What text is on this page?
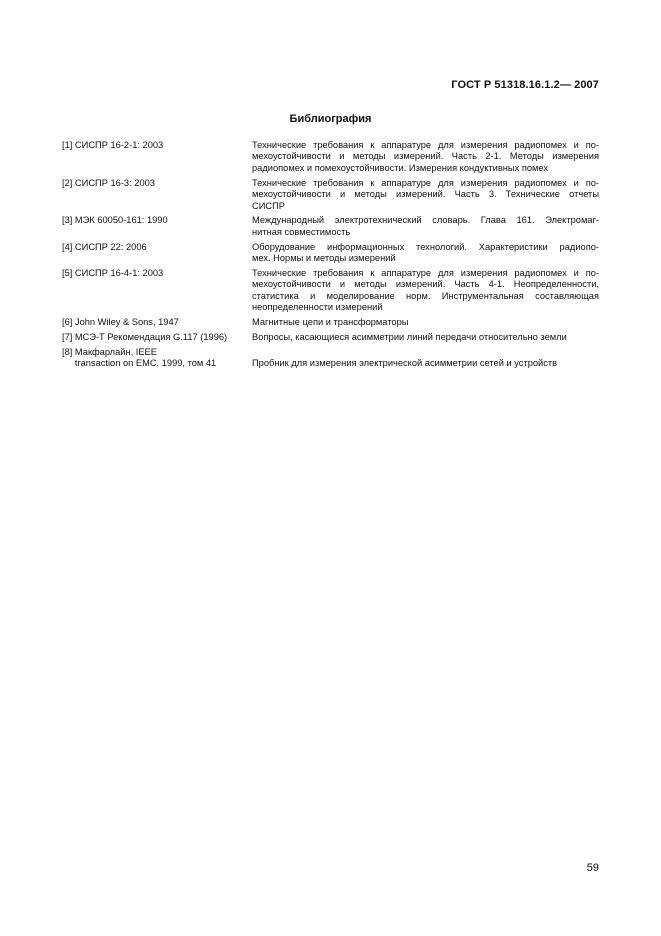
ГОСТ Р 51318.16.1.2— 2007
Библиография
[1] СИСПР 16-2-1: 2003	Технические требования к аппаратуре для измерения радиопомех и по-
мехоустойчивости и методы измерений. Часть 2-1. Методы измерения
радиопомех и помехоустойчивости. Измерения кондуктивных помех
[2] СИСПР 16-3: 2003	Технические требования к аппаратуре для измерения радиопомех и по-
мехоустойчивости и методы измерений. Часть 3. Технические отчеты
СИСПР
[3] МЭК 60050-161: 1990	Международный электротехнический словарь. Глава 161. Электромаг-
нитная совместимость
[4] СИСПР 22: 2006	Оборудование информационных технологий. Характеристики радиопо-
мех. Нормы и методы измерений
[5] СИСПР 16-4-1: 2003	Технические требования к аппаратуре для измерения радиопомех и по-
мехоустойчивости и методы измерений. Часть 4-1. Неопределенности,
статистика и моделирование норм. Инструментальная составляющая
неопределенности измерений
[6] John Wiley & Sons, 1947	Магнитные цепи и трансформаторы
[7] МСЭ-Т Рекомендация G.117 (1996)	Вопросы, касающиеся асимметрии линий передачи относительно земли
[8] Макфарлайн, IEEE
transaction on EMC. 1999, том 41	Пробник для измерения электрической асимметрии сетей и устройств
59
